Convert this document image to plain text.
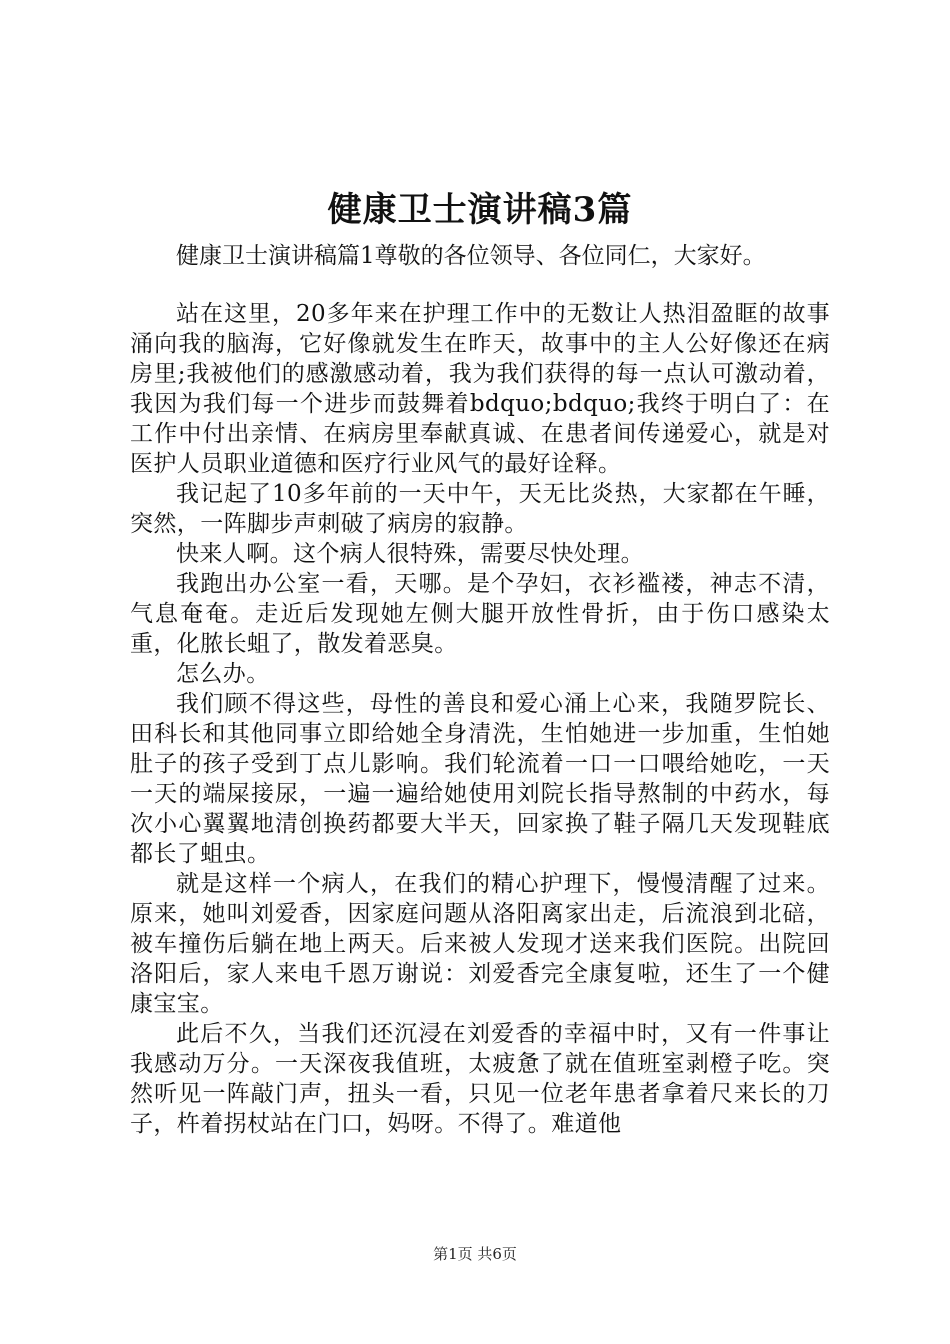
健康卫士演讲稿3篇

健康卫士演讲稿篇1尊敬的各位领导、各位同仁，大家好。

站在这里，20多年来在护理工作中的无数让人热泪盈眶的故事涌向我的脑海，它好像就发生在昨天，故事中的主人公好像还在病房里;我被他们的感激感动着，我为我们获得的每一点认可激动着，我因为我们每一个进步而鼓舞着bdquo;bdquo;我终于明白了：在工作中付出亲情、在病房里奉献真诚、在患者间传递爱心，就是对医护人员职业道德和医疗行业风气的最好诠释。

我记起了10多年前的一天中午，天无比炎热，大家都在午睡，突然，一阵脚步声刺破了病房的寂静。

快来人啊。这个病人很特殊，需要尽快处理。

我跑出办公室一看，天哪。是个孕妇，衣衫褴褛，神志不清，气息奄奄。走近后发现她左侧大腿开放性骨折，由于伤口感染太重，化脓长蛆了，散发着恶臭。

怎么办。

我们顾不得这些，母性的善良和爱心涌上心来，我随罗院长、田科长和其他同事立即给她全身清洗，生怕她进一步加重，生怕她肚子的孩子受到丁点儿影响。我们轮流着一口一口喂给她吃，一天一天的端屎接尿，一遍一遍给她使用刘院长指导熬制的中药水，每次小心翼翼地清创换药都要大半天，回家换了鞋子隔几天发现鞋底都长了蛆虫。

就是这样一个病人，在我们的精心护理下，慢慢清醒了过来。原来，她叫刘爱香，因家庭问题从洛阳离家出走，后流浪到北碚，被车撞伤后躺在地上两天。后来被人发现才送来我们医院。出院回洛阳后，家人来电千恩万谢说：刘爱香完全康复啦，还生了一个健康宝宝。

此后不久，当我们还沉浸在刘爱香的幸福中时，又有一件事让我感动万分。一天深夜我值班，太疲惫了就在值班室剥橙子吃。突然听见一阵敲门声，扭头一看，只见一位老年患者拿着尺来长的刀子，杵着拐杖站在门口，妈呀。不得了。难道他

第1页 共6页
